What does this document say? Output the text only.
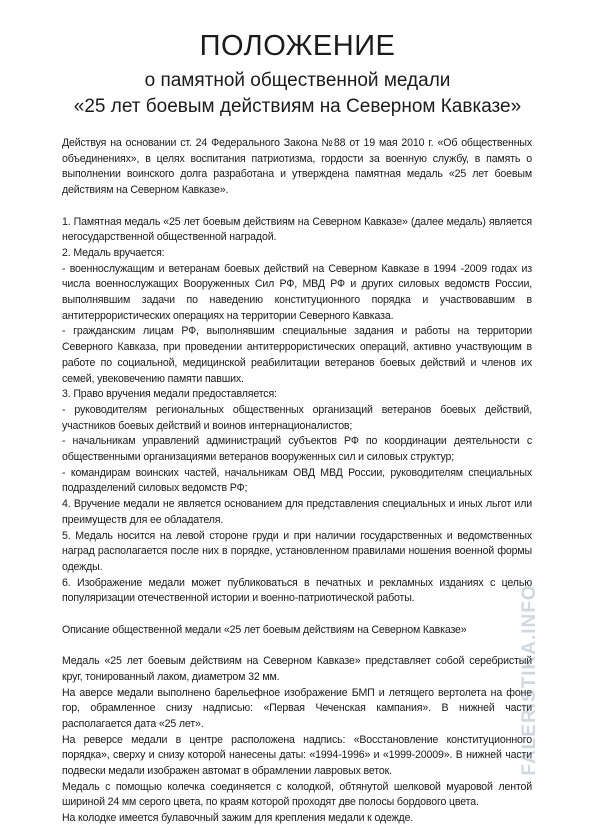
ПОЛОЖЕНИЕ
о памятной общественной медали
«25 лет боевым действиям на Северном Кавказе»

Действуя на основании ст. 24 Федерального Закона №88 от 19 мая 2010 г. «Об общественных объединениях», в целях воспитания патриотизма, гордости за военную службу, в память о выполнении воинского долга разработана и утверждена памятная медаль «25 лет боевым действиям на Северном Кавказе».

1. Памятная медаль «25 лет боевым действиям на Северном Кавказе» (далее медаль) является негосударственной общественной наградой.

2. Медаль вручается:

- военнослужащим и ветеранам боевых действий на Северном Кавказе в 1994 -2009 годах из числа военнослужащих Вооруженных Сил РФ, МВД РФ и других силовых ведомств России, выполнявшим задачи по наведению конституционного порядка и участвовавшим в антитеррористических операциях на территории Северного Кавказа.

- гражданским лицам РФ, выполнявшим специальные задания и работы на территории Северного Кавказа, при проведении антитеррористических операций, активно участвующим в работе по социальной, медицинской реабилитации ветеранов боевых действий и членов их семей, увековечению памяти павших.

3. Право вручения медали предоставляется:

- руководителям региональных общественных организаций ветеранов боевых действий, участников боевых действий и воинов интернационалистов;

- начальникам управлений администраций субъектов РФ по координации деятельности с общественными организациями ветеранов вооруженных сил и силовых структур;

- командирам воинских частей, начальникам ОВД МВД России, руководителям специальных подразделений силовых ведомств РФ;

4. Вручение медали не является основанием для представления специальных и иных льгот или преимуществ для ее обладателя.

5. Медаль носится на левой стороне груди и при наличии государственных и ведомственных наград располагается после них в порядке, установленном правилами ношения военной формы одежды.

6. Изображение медали может публиковаться в печатных и рекламных изданиях с целью популяризации отечественной истории и военно-патриотической работы.

Описание общественной медали «25 лет боевым действиям на Северном Кавказе»

Медаль «25 лет боевым действиям на Северном Кавказе» представляет собой серебристый круг, тонированный лаком, диаметром 32 мм.

На аверсе медали выполнено барельефное изображение БМП и летящего вертолета на фоне гор, обрамленное снизу надписью: «Первая Чеченская кампания». В нижней части располагается дата «25 лет».

На реверсе медали в центре расположена надпись: «Восстановление конституционного порядка», сверху и снизу которой нанесены даты: «1994-1996» и «1999-20009». В нижней части подвески медали изображен автомат в обрамлении лавровых веток.

Медаль с помощью колечка соединяется с колодкой, обтянутой шелковой муаровой лентой шириной 24 мм серого цвета, по краям которой проходят две полосы бордового цвета.

На колодке имеется булавочный зажим для крепления медали к одежде.

FALERISTIKA.INFO
